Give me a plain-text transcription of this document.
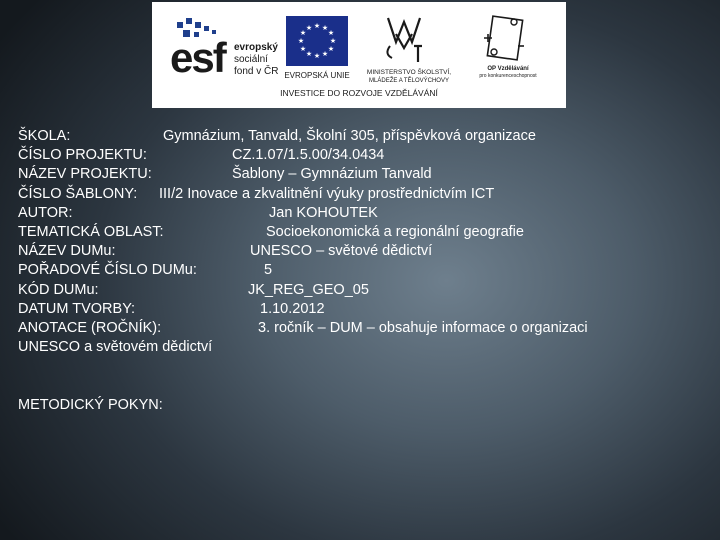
esf evropský
sociální
fond v ČR
★ ★
★
★
★
★
★
★
★
★
★
★
EVROPSKÁ UNIE	MINISTERSTVO ŠKOLSTVÍ,
MLÁDEŽE A TĚLOVÝCHOVY
OP Vzdělávání
pro konkurenceschopnost
INVESTICE DO ROZVOJE VZDĚLÁVÁNÍ
ŠKOLA:	Gymnázium, Tanvald, Školní 305, příspěvková organizace
ČÍSLO PROJEKTU:	CZ.1.07/1.5.00/34.0434
NÁZEV PROJEKTU:	Šablony – Gymnázium Tanvald
ČÍSLO ŠABLONY: III/2 Inovace a zkvalitnění výuky prostřednictvím ICT
AUTOR:	Jan KOHOUTEK
TEMATICKÁ OBLAST:	Socioekonomická a regionální geografie
NÁZEV DUMu:	UNESCO – světové dědictví
POŘADOVÉ ČÍSLO DUMu:	5
KÓD DUMu:	JK_REG_GEO_05
DATUM TVORBY:	1.10.2012
ANOTACE (ROČNÍK):	3. ročník – DUM – obsahuje informace o organizaci
UNESCO a světovém dědictví
METODICKÝ POKYN:
